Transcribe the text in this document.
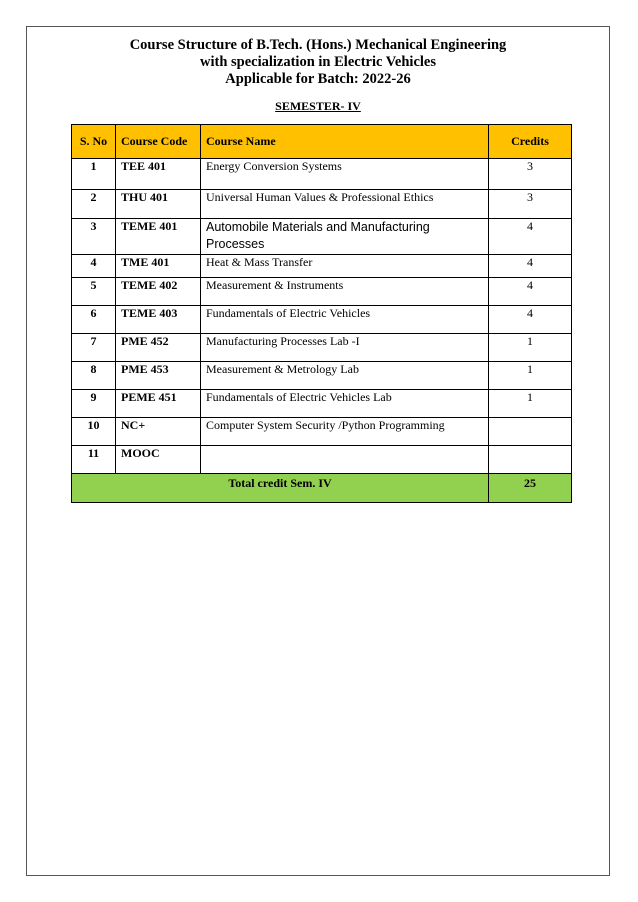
Course Structure of B.Tech. (Hons.) Mechanical Engineering

with specialization in Electric Vehicles

Applicable for Batch: 2022-26

SEMESTER- IV
S. No	Course Code	Course Name	Credits
1	TEE 401	Energy Conversion Systems	3
2	THU 401	Universal Human Values & Professional Ethics	3
3	TEME 401	Automobile Materials and Manufacturing Processes	4
4	TME 401	Heat & Mass Transfer	4
5	TEME 402	Measurement & Instruments	4
6	TEME 403	Fundamentals of Electric Vehicles	4
7	PME 452	Manufacturing Processes Lab -I	1
8	PME 453	Measurement & Metrology Lab	1
9	PEME 451	Fundamentals of Electric Vehicles Lab	1
10	NC+	Computer System Security /Python Programming	
11	MOOC		
Total credit Sem. IV			25
